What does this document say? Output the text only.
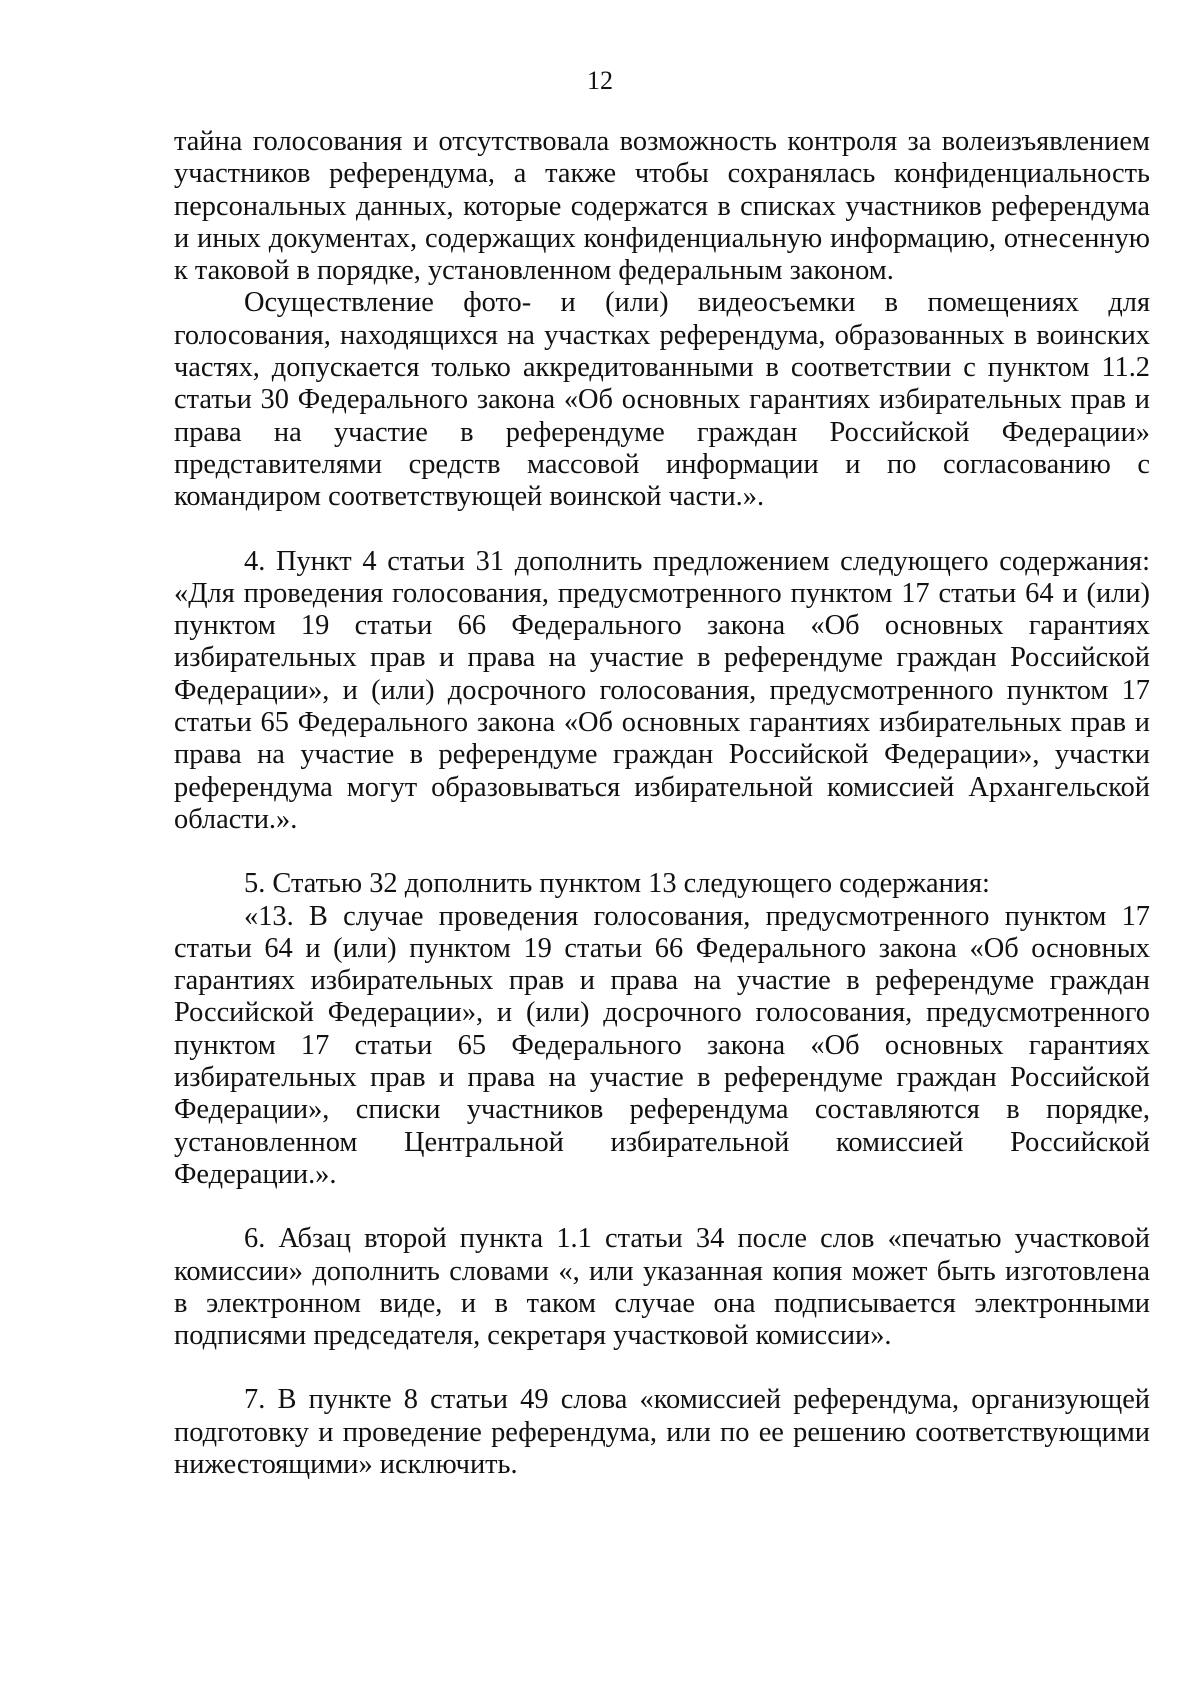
12

тайна голосования и отсутствовала возможность контроля за волеизъявлением участников референдума, а также чтобы сохранялась конфиденциальность персональных данных, которые содержатся в списках участников референдума и иных документах, содержащих конфиденциальную информацию, отнесенную к таковой в порядке, установленном федеральным законом.

Осуществление фото- и (или) видеосъемки в помещениях для голосования, находящихся на участках референдума, образованных в воинских частях, допускается только аккредитованными в соответствии с пунктом 11.2 статьи 30 Федерального закона «Об основных гарантиях избирательных прав и права на участие в референдуме граждан Российской Федерации» представителями средств массовой информации и по согласованию с командиром соответствующей воинской части.».

4. Пункт 4 статьи 31 дополнить предложением следующего содержания: «Для проведения голосования, предусмотренного пунктом 17 статьи 64 и (или) пунктом 19 статьи 66 Федерального закона «Об основных гарантиях избирательных прав и права на участие в референдуме граждан Российской Федерации», и (или) досрочного голосования, предусмотренного пунктом 17 статьи 65 Федерального закона «Об основных гарантиях избирательных прав и права на участие в референдуме граждан Российской Федерации», участки референдума могут образовываться избирательной комиссией Архангельской области.».

5. Статью 32 дополнить пунктом 13 следующего содержания:

«13. В случае проведения голосования, предусмотренного пунктом 17 статьи 64 и (или) пунктом 19 статьи 66 Федерального закона «Об основных гарантиях избирательных прав и права на участие в референдуме граждан Российской Федерации», и (или) досрочного голосования, предусмотренного пунктом 17 статьи 65 Федерального закона «Об основных гарантиях избирательных прав и права на участие в референдуме граждан Российской Федерации», списки участников референдума составляются в порядке, установленном Центральной избирательной комиссией Российской Федерации.».

6. Абзац второй пункта 1.1 статьи 34 после слов «печатью участковой комиссии» дополнить словами «, или указанная копия может быть изготовлена в электронном виде, и в таком случае она подписывается электронными подписями председателя, секретаря участковой комиссии».

7. В пункте 8 статьи 49 слова «комиссией референдума, организующей подготовку и проведение референдума, или по ее решению соответствующими нижестоящими» исключить.
